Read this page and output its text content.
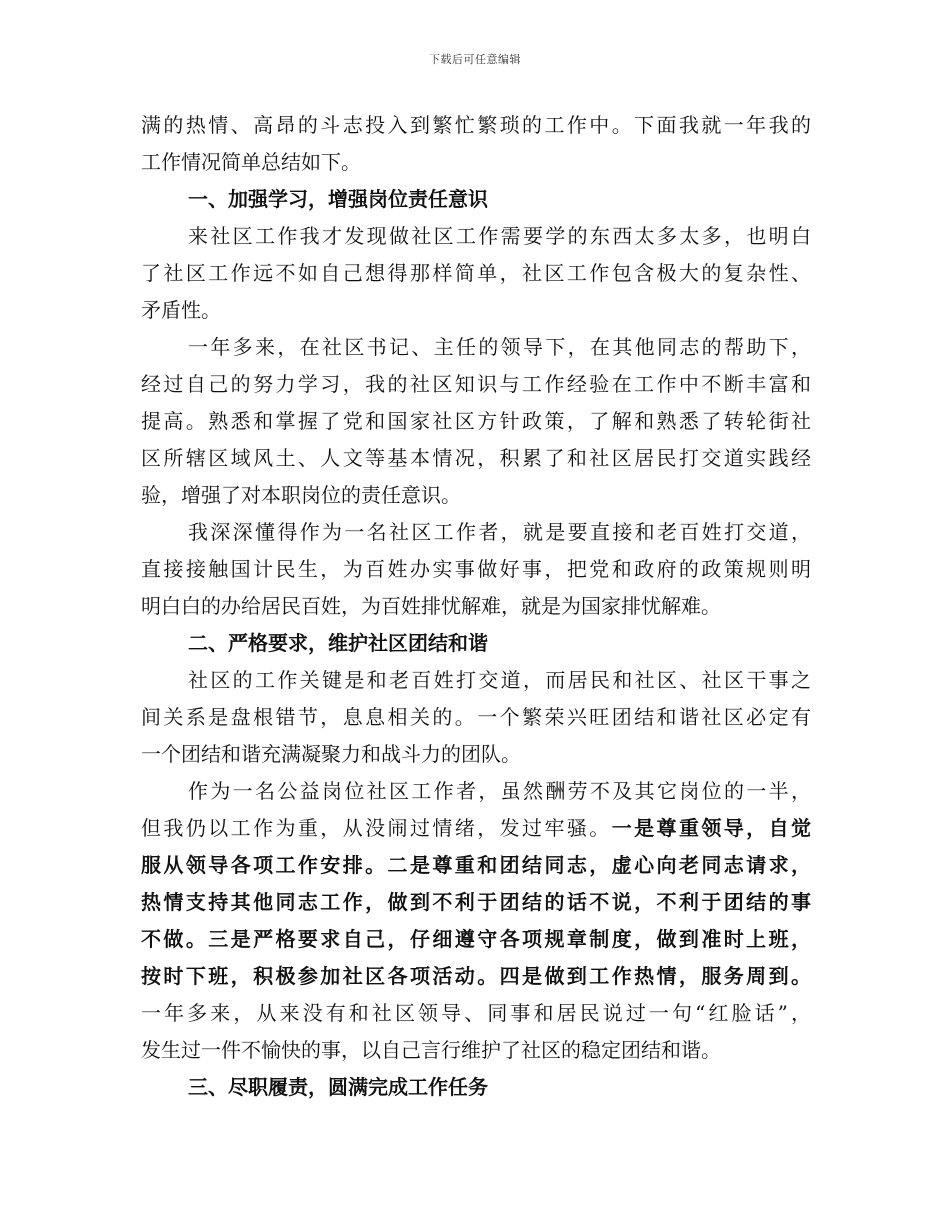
下载后可任意编辑
满的热情、高昂的斗志投入到繁忙繁琐的工作中。下面我就一年我的
工作情况简单总结如下。
一、加强学习，增强岗位责任意识
来社区工作我才发现做社区工作需要学的东西太多太多，也明白
了社区工作远不如自己想得那样简单，社区工作包含极大的复杂性、
矛盾性。
一年多来，在社区书记、主任的领导下，在其他同志的帮助下，
经过自己的努力学习，我的社区知识与工作经验在工作中不断丰富和
提高。熟悉和掌握了党和国家社区方针政策，了解和熟悉了转轮街社
区所辖区域风土、人文等基本情况，积累了和社区居民打交道实践经
验，增强了对本职岗位的责任意识。
我深深懂得作为一名社区工作者，就是要直接和老百姓打交道，
直接接触国计民生，为百姓办实事做好事，把党和政府的政策规则明
明白白的办给居民百姓，为百姓排忧解难，就是为国家排忧解难。
二、严格要求，维护社区团结和谐
社区的工作关键是和老百姓打交道，而居民和社区、社区干事之
间关系是盘根错节，息息相关的。一个繁荣兴旺团结和谐社区必定有
一个团结和谐充满凝聚力和战斗力的团队。
作为一名公益岗位社区工作者，虽然酬劳不及其它岗位的一半，
但我仍以工作为重，从没闹过情绪，发过牢骚。一是尊重领导，自觉
服从领导各项工作安排。二是尊重和团结同志，虚心向老同志请求，
热情支持其他同志工作，做到不利于团结的话不说，不利于团结的事
不做。三是严格要求自己，仔细遵守各项规章制度，做到准时上班，
按时下班，积极参加社区各项活动。四是做到工作热情，服务周到。
一年多来，从来没有和社区领导、同事和居民说过一句“红脸话”，
发生过一件不愉快的事，以自己言行维护了社区的稳定团结和谐。
三、尽职履责，圆满完成工作任务
